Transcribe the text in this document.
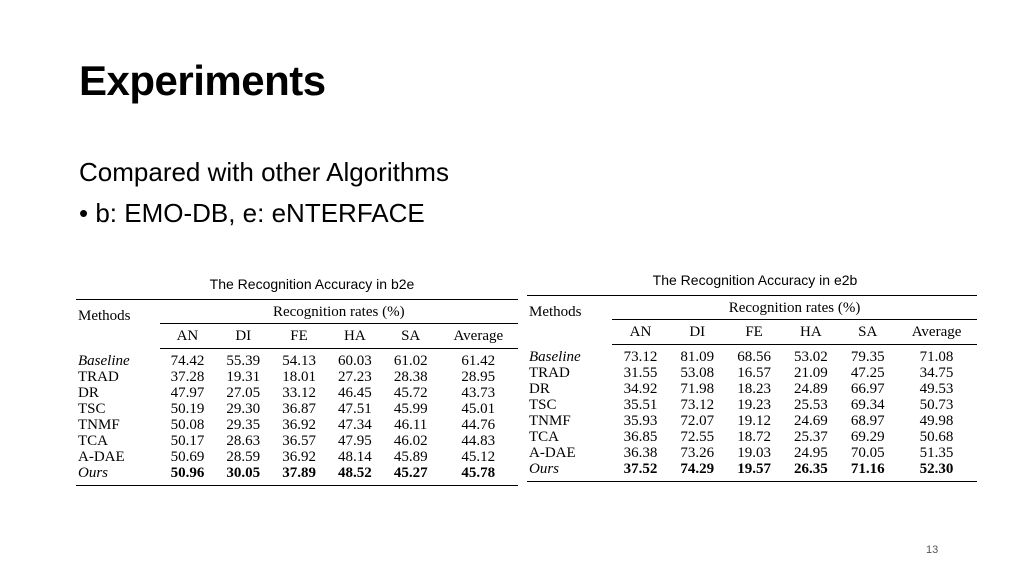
Experiments
Compared with other Algorithms
• b: EMO-DB, e: eNTERFACE
The Recognition Accuracy in b2e
Methods	Recognition rates (%)					
	AN	DI	FE	HA	SA	Average
Baseline	74.42	55.39	54.13	60.03	61.02	61.42
TRAD	37.28	19.31	18.01	27.23	28.38	28.95
DR	47.97	27.05	33.12	46.45	45.72	43.73
TSC	50.19	29.30	36.87	47.51	45.99	45.01
TNMF	50.08	29.35	36.92	47.34	46.11	44.76
TCA	50.17	28.63	36.57	47.95	46.02	44.83
A-DAE	50.69	28.59	36.92	48.14	45.89	45.12
Ours	50.96	30.05	37.89	48.52	45.27	45.78
The Recognition Accuracy in e2b
Methods	Recognition rates (%)					
	AN	DI	FE	HA	SA	Average
Baseline	73.12	81.09	68.56	53.02	79.35	71.08
TRAD	31.55	53.08	16.57	21.09	47.25	34.75
DR	34.92	71.98	18.23	24.89	66.97	49.53
TSC	35.51	73.12	19.23	25.53	69.34	50.73
TNMF	35.93	72.07	19.12	24.69	68.97	49.98
TCA	36.85	72.55	18.72	25.37	69.29	50.68
A-DAE	36.38	73.26	19.03	24.95	70.05	51.35
Ours	37.52	74.29	19.57	26.35	71.16	52.30
13
